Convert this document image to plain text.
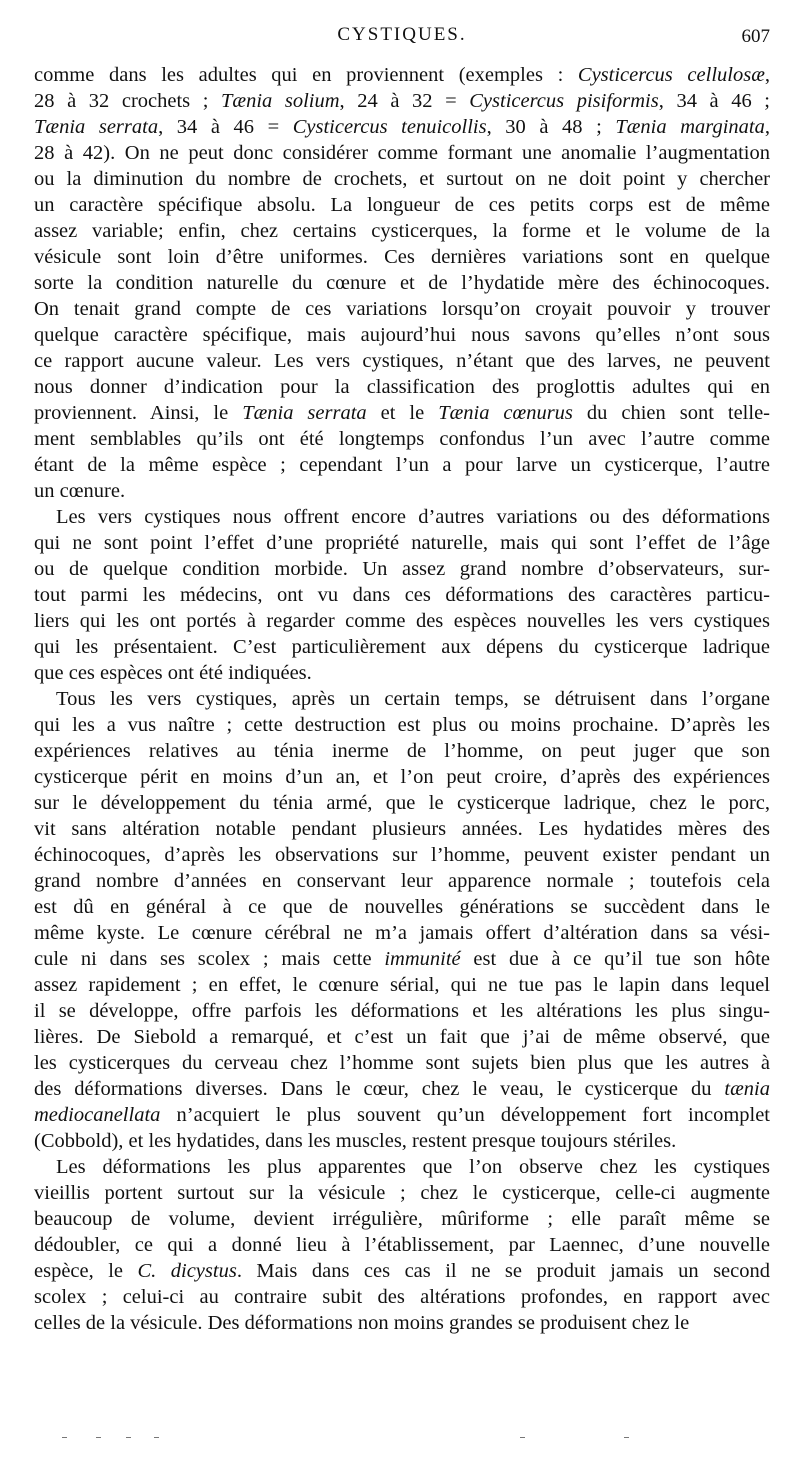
CYSTIQUES.	607
comme dans les adultes qui en proviennent (exemples : Cysticercus cellulosæ,
28 à 32 crochets ; Tænia solium, 24 à 32 = Cysticercus pisiformis, 34 à 46 ;
Tænia serrata, 34 à 46 = Cysticercus tenuicollis, 30 à 48 ; Tænia marginata,
28 à 42). On ne peut donc considérer comme formant une anomalie l’augmentation
ou la diminution du nombre de crochets, et surtout on ne doit point y chercher
un caractère spécifique absolu. La longueur de ces petits corps est de même
assez variable; enfin, chez certains cysticerques, la forme et le volume de la
vésicule sont loin d’être uniformes. Ces dernières variations sont en quelque
sorte la condition naturelle du cœnure et de l’hydatide mère des échinocoques.
On tenait grand compte de ces variations lorsqu’on croyait pouvoir y trouver
quelque caractère spécifique, mais aujourd’hui nous savons qu’elles n’ont sous
ce rapport aucune valeur. Les vers cystiques, n’étant que des larves, ne peuvent
nous donner d’indication pour la classification des proglottis adultes qui en
proviennent. Ainsi, le Tænia serrata et le Tænia cœnurus du chien sont telle-
ment semblables qu’ils ont été longtemps confondus l’un avec l’autre comme
étant de la même espèce ; cependant l’un a pour larve un cysticerque, l’autre
un cœnure.
Les vers cystiques nous offrent encore d’autres variations ou des déformations
qui ne sont point l’effet d’une propriété naturelle, mais qui sont l’effet de l’âge
ou de quelque condition morbide. Un assez grand nombre d’observateurs, sur-
tout parmi les médecins, ont vu dans ces déformations des caractères particu-
liers qui les ont portés à regarder comme des espèces nouvelles les vers cystiques
qui les présentaient. C’est particulièrement aux dépens du cysticerque ladrique
que ces espèces ont été indiquées.
Tous les vers cystiques, après un certain temps, se détruisent dans l’organe
qui les a vus naître ; cette destruction est plus ou moins prochaine. D’après les
expériences relatives au ténia inerme de l’homme, on peut juger que son
cysticerque périt en moins d’un an, et l’on peut croire, d’après des expériences
sur le développement du ténia armé, que le cysticerque ladrique, chez le porc,
vit sans altération notable pendant plusieurs années. Les hydatides mères des
échinocoques, d’après les observations sur l’homme, peuvent exister pendant un
grand nombre d’années en conservant leur apparence normale ; toutefois cela
est dû en général à ce que de nouvelles générations se succèdent dans le
même kyste. Le cœnure cérébral ne m’a jamais offert d’altération dans sa vési-
cule ni dans ses scolex ; mais cette immunité est due à ce qu’il tue son hôte
assez rapidement ; en effet, le cœnure sérial, qui ne tue pas le lapin dans lequel
il se développe, offre parfois les déformations et les altérations les plus singu-
lières. De Siebold a remarqué, et c’est un fait que j’ai de même observé, que
les cysticerques du cerveau chez l’homme sont sujets bien plus que les autres à
des déformations diverses. Dans le cœur, chez le veau, le cysticerque du tænia
mediocanellata n’acquiert le plus souvent qu’un développement fort incomplet
(Cobbold), et les hydatides, dans les muscles, restent presque toujours stériles.
Les déformations les plus apparentes que l’on observe chez les cystiques
vieillis portent surtout sur la vésicule ; chez le cysticerque, celle-ci augmente
beaucoup de volume, devient irrégulière, mûriforme ; elle paraît même se
dédoubler, ce qui a donné lieu à l’établissement, par Laennec, d’une nouvelle
espèce, le C. dicystus. Mais dans ces cas il ne se produit jamais un second
scolex ; celui-ci au contraire subit des altérations profondes, en rapport avec
celles de la vésicule. Des déformations non moins grandes se produisent chez le
